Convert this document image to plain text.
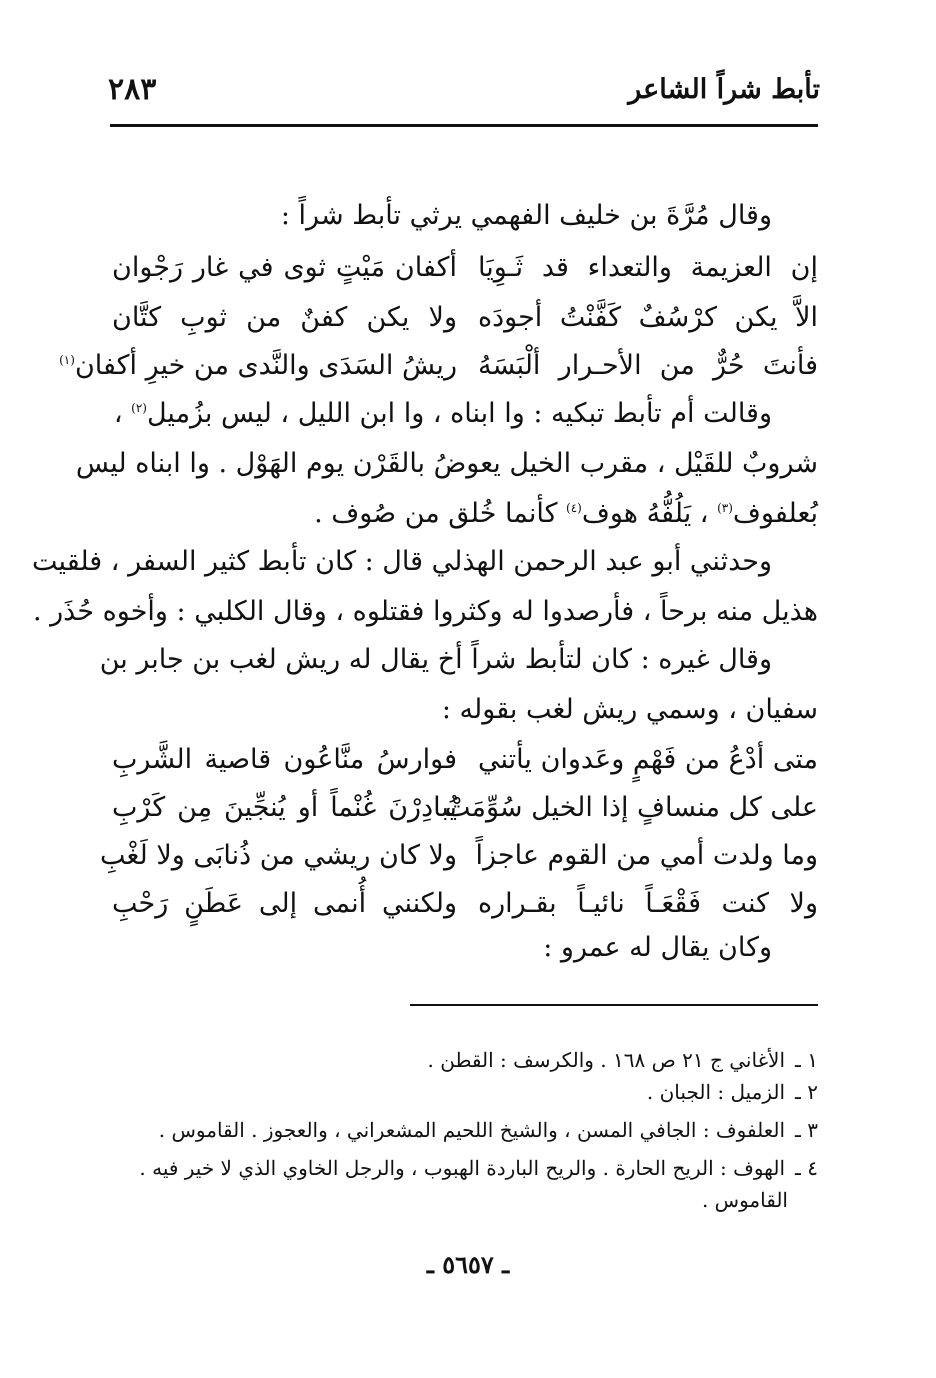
تأبط شراً الشاعر
٢٨٣
وقال مُرَّةَ بن خليف الفهمي يرثي تأبط شراً :
إن العزيمة والتعداء قد ثَـوِيَا
أكفان مَيْتٍ ثوى في غار رَجْوان
الاَّ يكن كرْسُفٌ كَفَّنْتُ أجودَه
ولا يكن كفنٌ من ثوبِ كتَّان
فأنتَ حُرٌّ من الأحـرار ألْبَسَهُ
ريشُ السَدَى والنَّدى من خيرِ أكفان$^{(١)}$
وقالت أم تأبط تبكيه : وا ابناه ، وا ابن الليل ، ليس بزُميل$^{(٢)}$ ،
شروبٌ للقَيْل ، مقرب الخيل يعوضُ بالقَرْن يوم الهَوْل . وا ابناه ليس
بُعلفوف$^{(٣)}$ ، يَلُفُّهُ هوف$^{(٤)}$ كأنما خُلق من صُوف .
وحدثني أبو عبد الرحمن الهذلي قال : كان تأبط كثير السفر ، فلقيت
هذيل منه برحاً ، فأرصدوا له وكثروا فقتلوه ، وقال الكلبي : وأخوه حُذَر .
وقال غيره : كان لتأبط شراً أخ يقال له ريش لغب بن جابر بن
سفيان ، وسمي ريش لغب بقوله :
متى أدْعُ من فَهْمٍ وعَدوان يأتني
فوارسُ منَّاعُون قاصية الشَّربِ
على كل منسافٍ إذا الخيل سُوِّمَتْ
يُبادِرْنَ غُنْماً أو يُنجِّينَ مِن كَرْبِ
وما ولدت أمي من القوم عاجزاً
ولا كان ريشي من ذُنابَى ولا لَغْبِ
ولا كنت فَقْعَـاً نائيـاً بقـراره
ولكنني أُنمى إلى عَطَنٍ رَحْبِ
وكان يقال له عمرو :
١ ـالأغاني ج ٢١ ص ١٦٨ . والكرسف : القطن .
٢ ـالزميل : الجبان .
٣ ـالعلفوف : الجافي المسن ، والشيخ اللحيم المشعراني ، والعجوز . القاموس .
٤ ـالهوف : الريح الحارة . والريح الباردة الهبوب ، والرجل الخاوي الذي لا خير فيه .
القاموس .
ـ ٥٦٥٧ ـ
